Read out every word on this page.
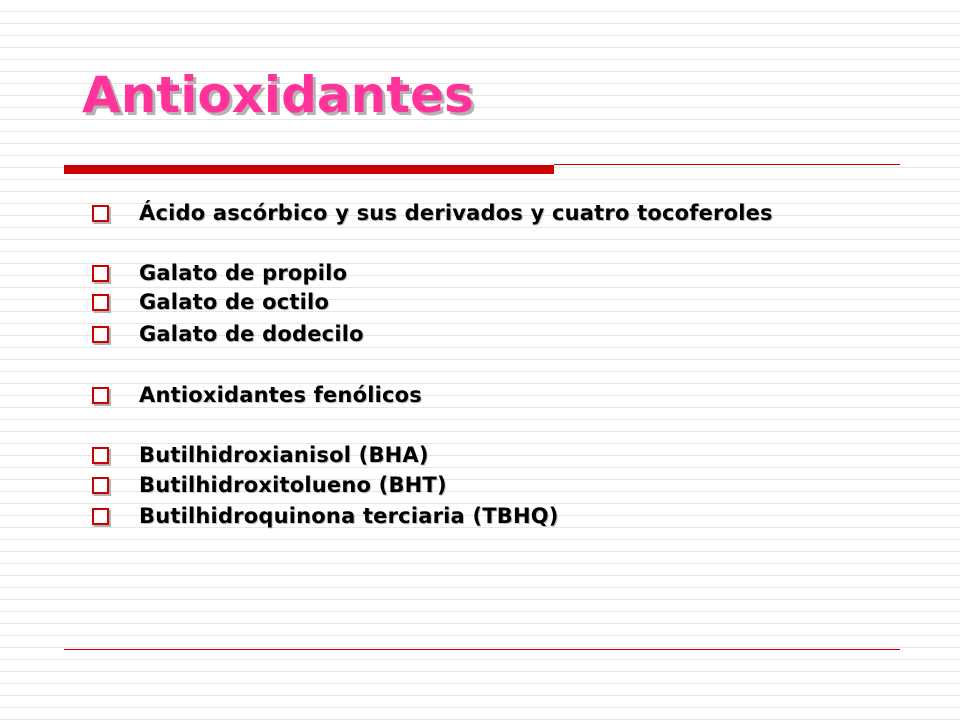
Antioxidantes
Ácido ascórbico y sus derivados y cuatro tocoferoles
Galato de propilo
Galato de octilo
Galato de dodecilo
Antioxidantes fenólicos
Butilhidroxianisol (BHA)
Butilhidroxitolueno (BHT)
Butilhidroquinona terciaria (TBHQ)
